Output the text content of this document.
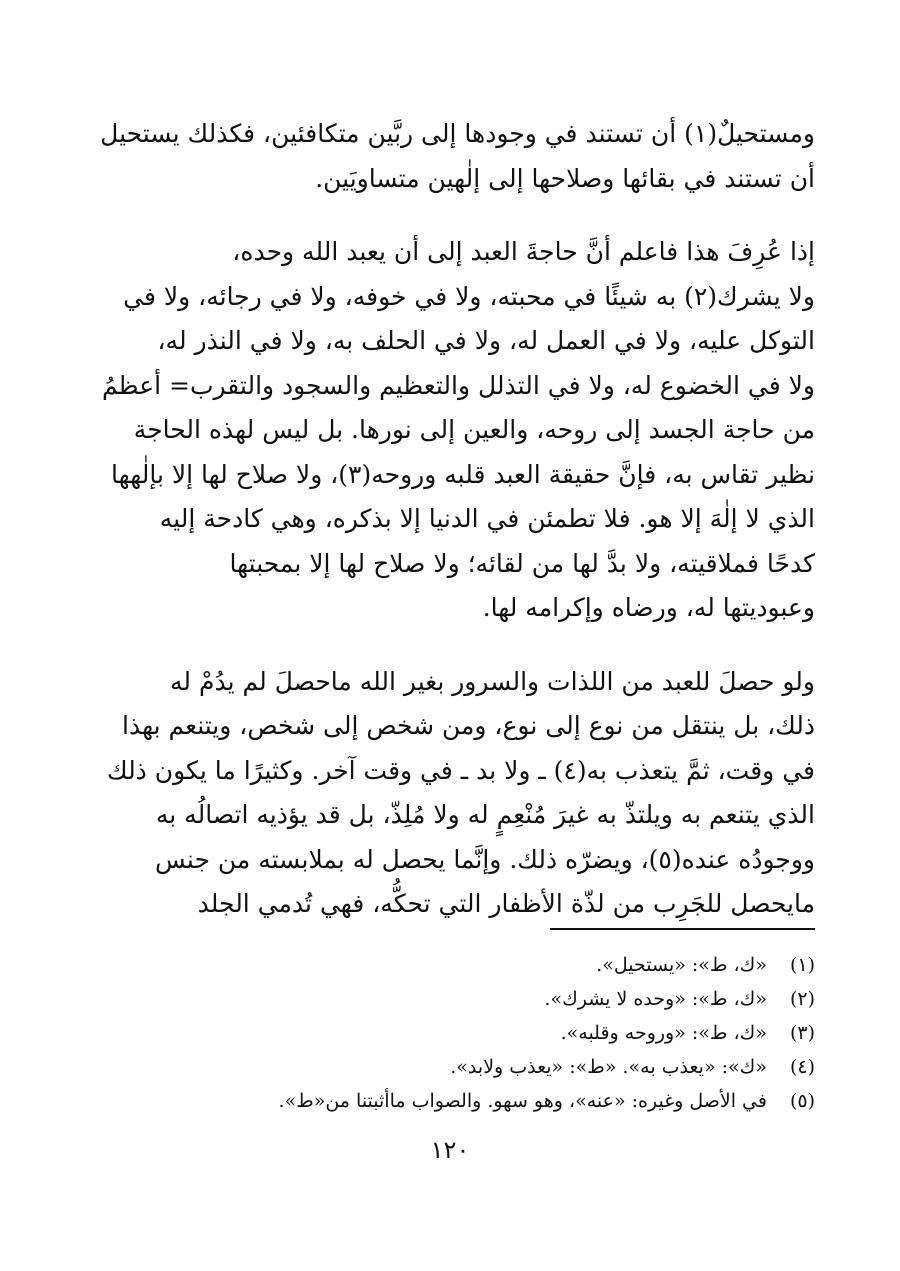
ومستحيلٌ(١) أن تستند في وجودها إلى ربَّين متكافئين، فكذلك يستحيل
أن تستند في بقائها وصلاحها إلى إلٰهين متساويَين.

إذا عُرِفَ هذا فاعلم أنَّ حاجةَ العبد إلى أن يعبد الله وحده،
ولا يشرك(٢) به شيئًا في محبته، ولا في خوفه، ولا في رجائه، ولا في
التوكل عليه، ولا في العمل له، ولا في الحلف به، ولا في النذر له،
ولا في الخضوع له، ولا في التذلل والتعظيم والسجود والتقرب= أعظمُ
من حاجة الجسد إلى روحه، والعين إلى نورها. بل ليس لهذه الحاجة
نظير تقاس به، فإنَّ حقيقة العبد قلبه وروحه(٣)، ولا صلاح لها إلا بإلٰهها
الذي لا إلٰهَ إلا هو. فلا تطمئن في الدنيا إلا بذكره، وهي كادحة إليه
كدحًا فملاقيته، ولا بدَّ لها من لقائه؛ ولا صلاح لها إلا بمحبتها
وعبوديتها له، ورضاه وإكرامه لها.

ولو حصلَ للعبد من اللذات والسرور بغير الله ماحصلَ لم يدُمْ له
ذلك، بل ينتقل من نوع إلى نوع، ومن شخص إلى شخص، ويتنعم بهذا
في وقت، ثمَّ يتعذب به(٤) ـ ولا بد ـ في وقت آخر. وكثيرًا ما يكون ذلك
الذي يتنعم به ويلتذّ به غيرَ مُنْعِمٍ له ولا مُلِذّ، بل قد يؤذيه اتصالُه به
ووجودُه عنده(٥)، ويضرّه ذلك. وإنَّما يحصل له بملابسته من جنس
مايحصل للجَرِب من لذّة الأظفار التي تحكُّه، فهي تُدمي الجلد

(١) «ك، ط»: «يستحيل».
(٢) «ك، ط»: «وحده لا يشرك».
(٣) «ك، ط»: «وروحه وقلبه».
(٤) «ك»: «يعذب به». «ط»: «يعذب ولابد».
(٥) في الأصل وغيره: «عنه»، وهو سهو. والصواب ماأثبتنا من«ط».
١٢٠
